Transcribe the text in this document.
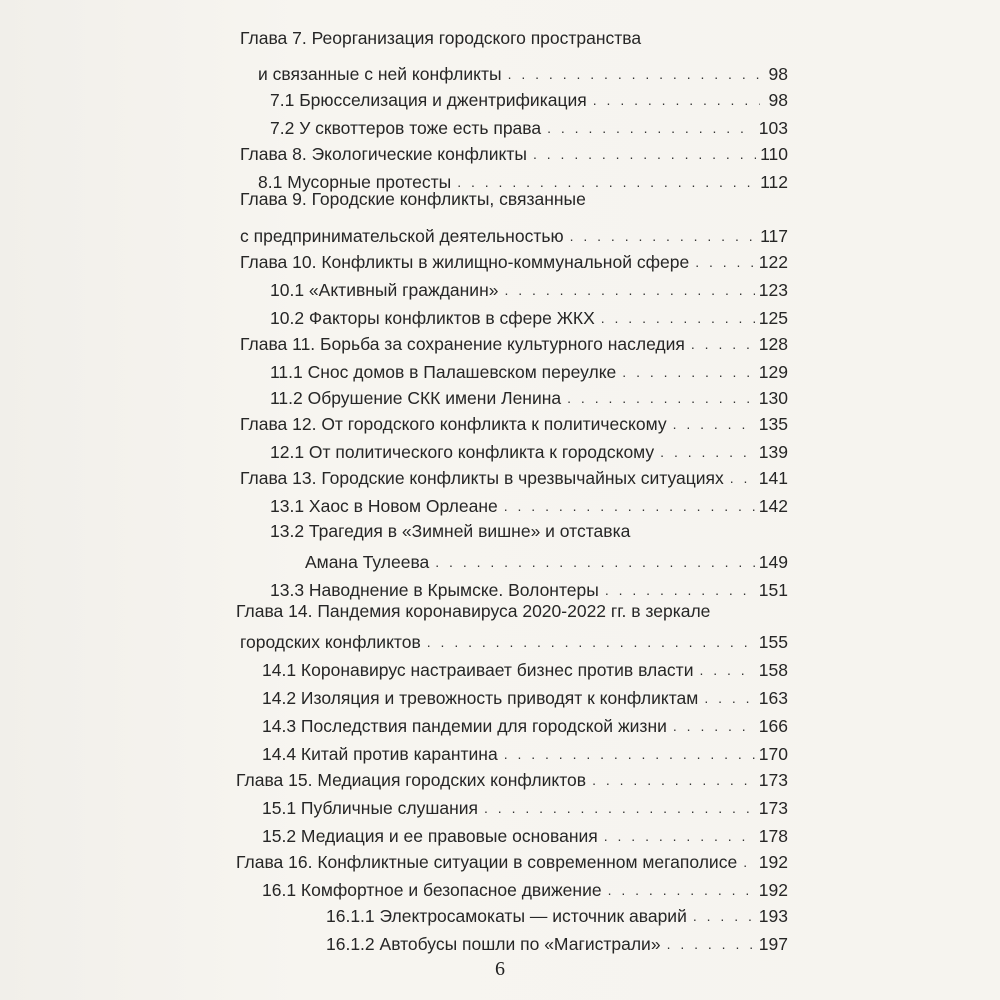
Глава 7. Реорганизация городского пространства
и связанные с ней конфликты . . .	98
7.1 Брюсселизация и джентрификация . . .	98
7.2 У сквоттеров тоже есть права . . .	103
Глава 8. Экологические конфликты . . .	110
8.1 Мусорные протесты . . .	112
Глава 9. Городские конфликты, связанные
с предпринимательской деятельностью . . .	117
Глава 10. Конфликты в жилищно-коммунальной сфере . . .	122
10.1 «Активный гражданин» . . .	123
10.2 Факторы конфликтов в сфере ЖКХ . . .	125
Глава 11. Борьба за сохранение культурного наследия . . .	128
11.1 Снос домов в Палашевском переулке . . .	129
11.2 Обрушение СКК имени Ленина . . .	130
Глава 12. От городского конфликта к политическому . . .	135
12.1 От политического конфликта к городскому . . .	139
Глава 13. Городские конфликты в чрезвычайных ситуациях . . .	141
13.1 Хаос в Новом Орлеане . . .	142
13.2 Трагедия в «Зимней вишне» и отставка
Амана Тулеева . . .	149
13.3 Наводнение в Крымске. Волонтеры . . .	151
Глава 14. Пандемия коронавируса 2020-2022 гг. в зеркале
городских конфликтов . . .	155
14.1 Коронавирус настраивает бизнес против власти . . .	158
14.2 Изоляция и тревожность приводят к конфликтам . . .	163
14.3 Последствия пандемии для городской жизни . . .	166
14.4 Китай против карантина . . .	170
Глава 15. Медиация городских конфликтов . . .	173
15.1 Публичные слушания . . .	173
15.2 Медиация и ее правовые основания . . .	178
Глава 16. Конфликтные ситуации в современном мегаполисе . . .	192
16.1 Комфортное и безопасное движение . . .	192
16.1.1 Электросамокаты — источник аварий . . .	193
16.1.2 Автобусы пошли по «Магистрали» . . .	197
6
